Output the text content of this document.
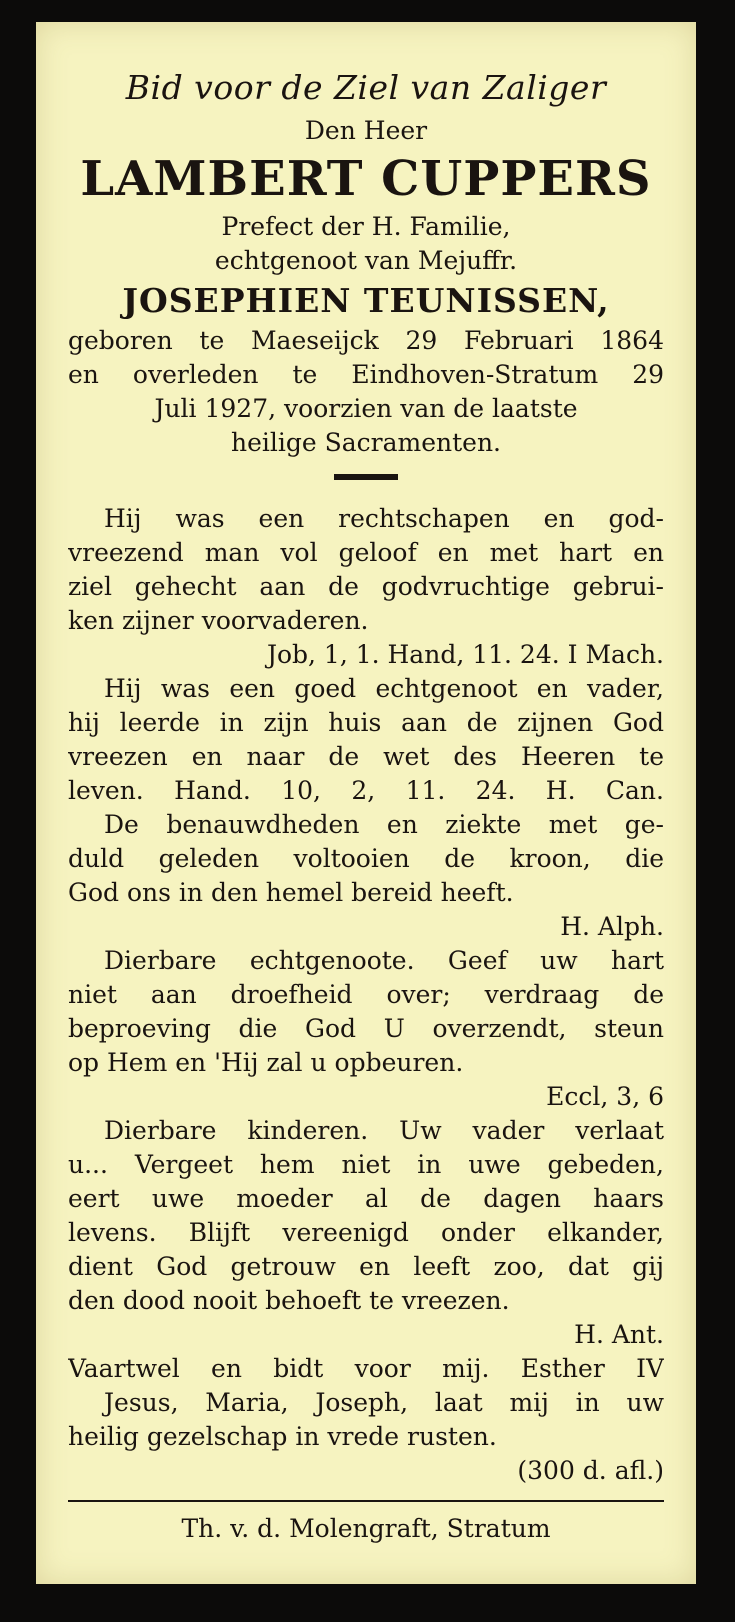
Bid voor de Ziel van Zaliger
Den Heer
LAMBERT CUPPERS
Prefect der H. Familie,
echtgenoot van Mejuffr.
JOSEPHIEN TEUNISSEN,
geboren te Maeseijck 29 Februari 1864
en overleden te Eindhoven-Stratum 29
Juli 1927, voorzien van de laatste
heilige Sacramenten.
Hij was een rechtschapen en god-
vreezend man vol geloof en met hart en
ziel gehecht aan de godvruchtige gebrui-
ken zijner voorvaderen.
Job, 1, 1. Hand, 11. 24. I Mach.
Hij was een goed echtgenoot en vader,
hij leerde in zijn huis aan de zijnen God
vreezen en naar de wet des Heeren te
leven. Hand. 10, 2, 11. 24. H. Can.
De benauwdheden en ziekte met ge-
duld geleden voltooien de kroon, die
God ons in den hemel bereid heeft.
H. Alph.
Dierbare echtgenoote. Geef uw hart
niet aan droefheid over; verdraag de
beproeving die God U overzendt, steun
op Hem en 'Hij zal u opbeuren.
Eccl, 3, 6
Dierbare kinderen. Uw vader verlaat
u... Vergeet hem niet in uwe gebeden,
eert uwe moeder al de dagen haars
levens. Blijft vereenigd onder elkander,
dient God getrouw en leeft zoo, dat gij
den dood nooit behoeft te vreezen.
H. Ant.
Vaartwel en bidt voor mij. Esther IV
Jesus, Maria, Joseph, laat mij in uw
heilig gezelschap in vrede rusten.
(300 d. afl.)
Th. v. d. Molengraft, Stratum
